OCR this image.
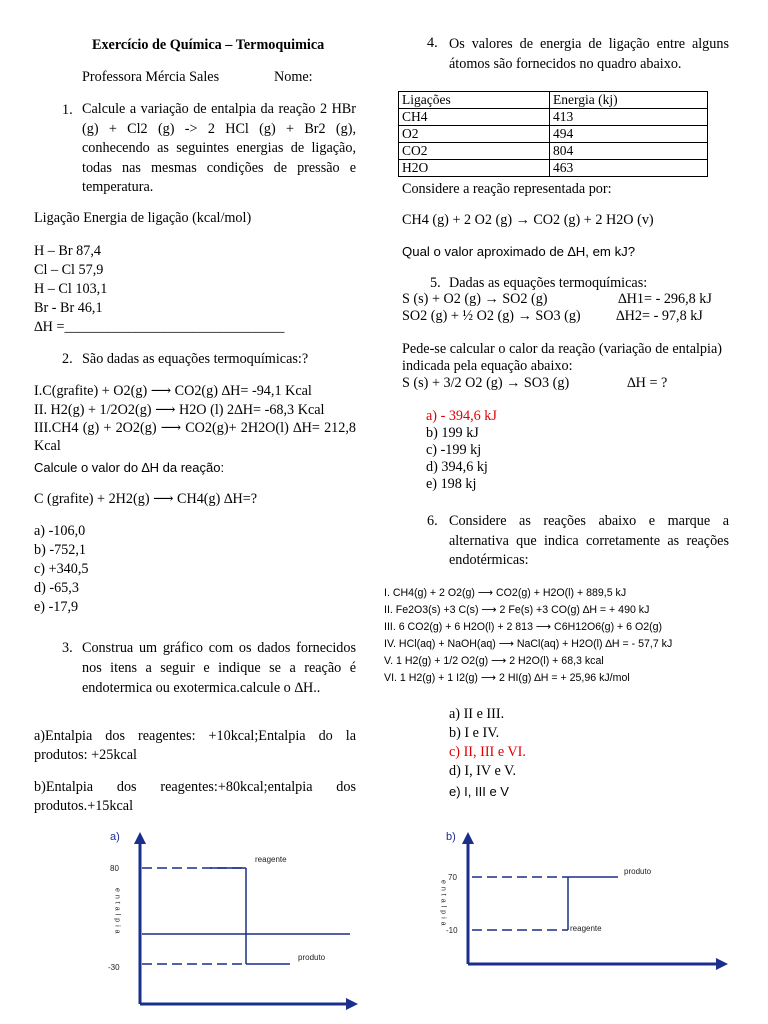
Exercício de Química – Termoquimica
Professora Mércia Sales	Nome:
1. Calcule a variação de entalpia da reação 2 HBr (g) + Cl2 (g) -> 2 HCl (g) + Br2 (g), conhecendo as seguintes energias de ligação, todas nas mesmas condições de pressão e temperatura.
Ligação Energia de ligação (kcal/mol)
H – Br 87,4
Cl – Cl 57,9
H – Cl 103,1
Br - Br 46,1
∆H =_______________________________
2. São dadas as equações termoquímicas:?
I.C(grafite) + O2(g) ⟶ CO2(g) ∆H= -94,1 Kcal
II. H2(g) + 1/2O2(g) ⟶ H2O (l) 2∆H= -68,3 Kcal
III.CH4 (g) + 2O2(g) ⟶ CO2(g)+ 2H2O(l) ∆H= 212,8 Kcal
Calcule o valor do ∆H da reação:
C (grafite) + 2H2(g) ⟶ CH4(g) ∆H=?
a) -106,0
b) -752,1
c) +340,5
d) -65,3
e) -17,9
3. Construa um gráfico com os dados fornecidos nos itens a seguir e indique se a reação é endotermica ou exotermica.calcule o ∆H..
a)Entalpia dos reagentes: +10kcal;Entalpia do la produtos: +25kcal
b)Entalpia dos reagentes:+80kcal;entalpia dos produtos.+15kcal
4. Os valores de energia de ligação entre alguns átomos são fornecidos no quadro abaixo.
Ligações	Energia (kj)
CH4	413
O2	494
CO2	804
H2O	463
Considere a reação representada por:
CH4 (g) + 2 O2 (g) → CO2 (g) + 2 H2O (v)
Qual o valor aproximado de ∆H, em kJ?
5. Dadas as equações termoquímicas:
S (s) + O2 (g) → SO2 (g)	∆H1= - 296,8 kJ
SO2 (g) + ½ O2 (g) → SO3 (g) ∆H2= - 97,8 kJ
Pede-se calcular o calor da reação (variação de entalpia) indicada pela equação abaixo:
S (s) + 3/2 O2 (g) → SO3 (g)	∆H = ?
a) - 394,6 kJ
b) 199 kJ
c) -199 kj
d) 394,6 kj
e) 198 kj
6. Considere as reações abaixo e marque a alternativa que indica corretamente as reações endotérmicas:
I. CH4(g) + 2 O2(g) ⟶ CO2(g) + H2O(l) + 889,5 kJ
II. Fe2O3(s) +3 C(s) ⟶ 2 Fe(s) +3 CO(g) ∆H = + 490 kJ
III. 6 CO2(g) + 6 H2O(l) + 2 813 ⟶ C6H12O6(g) + 6 O2(g)
IV. HCl(aq) + NaOH(aq) ⟶ NaCl(aq) + H2O(l) ∆H = - 57,7 kJ
V. 1 H2(g) + 1/2 O2(g) ⟶ 2 H2O(l) + 68,3 kcal
VI. 1 H2(g) + 1 I2(g) ⟶ 2 HI(g) ∆H = + 25,96 kJ/mol
a) II e III.
b) I e IV.
c) II, III e VI.
d) I, IV e V.
e) I, III e V
a)
80
-30
reagente
produto
entalpia
b)
70
-10
produto
reagente
entalpia
